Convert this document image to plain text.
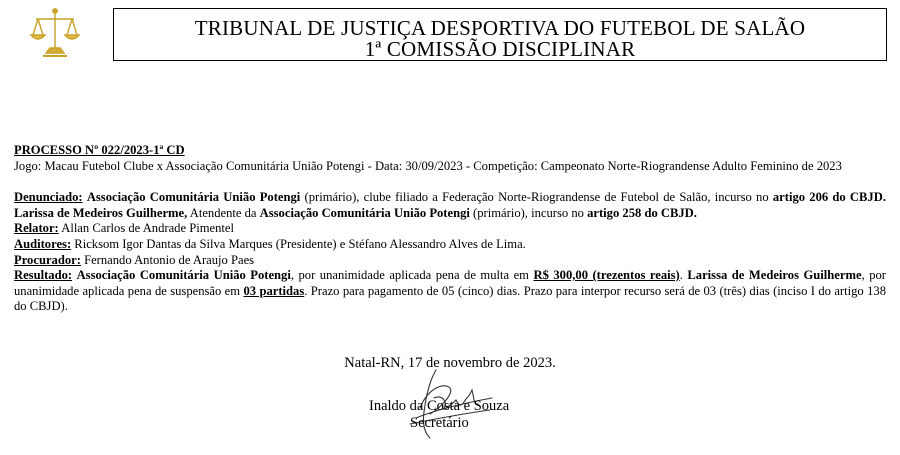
TRIBUNAL DE JUSTIÇA DESPORTIVA DO FUTEBOL DE SALÃO
1ª COMISSÃO DISCIPLINAR
PROCESSO Nº 022/2023-1ª CD
Jogo: Macau Futebol Clube x Associação Comunitária União Potengi - Data: 30/09/2023 - Competição: Campeonato Norte-Riograndense Adulto Feminino de 2023
Denunciado: Associação Comunitária União Potengi (primário), clube filiado a Federação Norte-Riograndense de Futebol de Salão, incurso no artigo 206 do CBJD. Larissa de Medeiros Guilherme, Atendente da Associação Comunitária União Potengi (primário), incurso no artigo 258 do CBJD.
Relator: Allan Carlos de Andrade Pimentel
Auditores: Ricksom Igor Dantas da Silva Marques (Presidente) e Stéfano Alessandro Alves de Lima.
Procurador: Fernando Antonio de Araujo Paes
Resultado: Associação Comunitária União Potengi, por unanimidade aplicada pena de multa em R$ 300,00 (trezentos reais). Larissa de Medeiros Guilherme, por unanimidade aplicada pena de suspensão em 03 partidas. Prazo para pagamento de 05 (cinco) dias. Prazo para interpor recurso será de 03 (três) dias (inciso I do artigo 138 do CBJD).
Natal-RN, 17 de novembro de 2023.
Inaldo da Costa e Souza
Secretário
